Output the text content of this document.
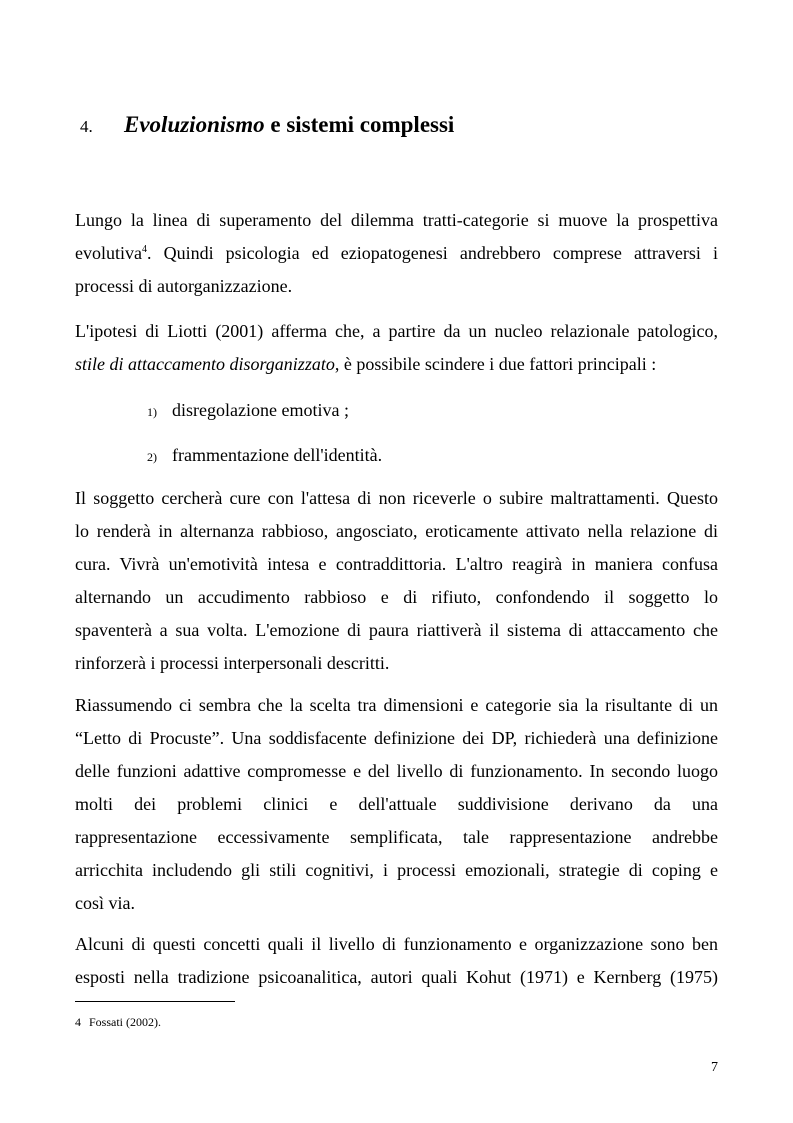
4. Evoluzionismo e sistemi complessi
Lungo la linea di superamento del dilemma tratti-categorie si muove la prospettiva
evolutiva$^4$. Quindi psicologia ed eziopatogenesi andrebbero comprese attraversi i
processi di autorganizzazione.
L'ipotesi di Liotti (2001) afferma che, a partire da un nucleo relazionale patologico,
stile di attaccamento disorganizzato, è possibile scindere i due fattori principali :
1) disregolazione emotiva ;
2) frammentazione dell'identità.
Il soggetto cercherà cure con l'attesa di non riceverle o subire maltrattamenti. Questo
lo renderà in alternanza rabbioso, angosciato, eroticamente attivato nella relazione di
cura. Vivrà un'emotività intesa e contraddittoria. L'altro reagirà in maniera confusa
alternando un accudimento rabbioso e di rifiuto, confondendo il soggetto lo
spaventerà a sua volta. L'emozione di paura riattiverà il sistema di attaccamento che
rinforzerà i processi interpersonali descritti.
Riassumendo ci sembra che la scelta tra dimensioni e categorie sia la risultante di un
“Letto di Procuste”. Una soddisfacente definizione dei DP, richiederà una definizione
delle funzioni adattive compromesse e del livello di funzionamento. In secondo luogo
molti dei problemi clinici e dell'attuale suddivisione derivano da una
rappresentazione eccessivamente semplificata, tale rappresentazione andrebbe
arricchita includendo gli stili cognitivi, i processi emozionali, strategie di coping e
così via.
Alcuni di questi concetti quali il livello di funzionamento e organizzazione sono ben
esposti nella tradizione psicoanalitica, autori quali Kohut (1971) e Kernberg (1975)
4 Fossati (2002).
7
